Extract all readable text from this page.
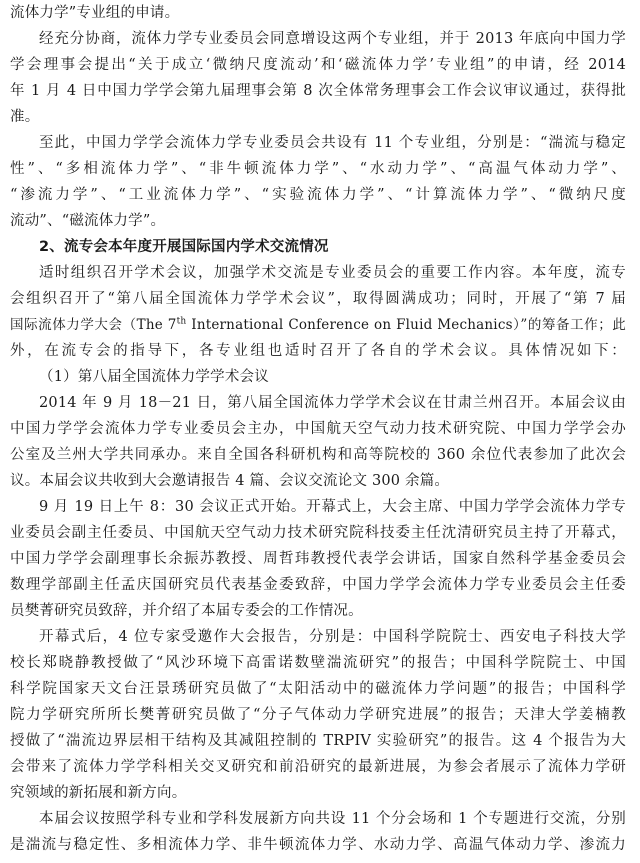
流体力学”专业组的申请。
经充分协商，流体力学专业委员会同意增设这两个专业组，并于 2013 年底向中国力学
学会理事会提出“关于成立‘微纳尺度流动’和‘磁流体力学’专业组”的申请，经 2014
年 1 月 4 日中国力学学会第九届理事会第 8 次全体常务理事会工作会议审议通过，获得批
准。
至此，中国力学学会流体力学专业委员会共设有 11 个专业组，分别是：“湍流与稳定
性”、“多相流体力学”、“非牛顿流体力学”、“水动力学”、“高温气体动力学”、
“渗流力学”、“工业流体力学”、“实验流体力学”、“计算流体力学”、“微纳尺度
流动”、“磁流体力学”。
2、流专会本年度开展国际国内学术交流情况
适时组织召开学术会议，加强学术交流是专业委员会的重要工作内容。本年度，流专
会组织召开了“第八届全国流体力学学术会议”，取得圆满成功；同时，开展了“第 7 届
国际流体力学大会（The 7th International Conference on Fluid Mechanics）”的筹备工作；此
外，在流专会的指导下，各专业组也适时召开了各自的学术会议。具体情况如下：
（1）第八届全国流体力学学术会议
2014 年 9 月 18－21 日，第八届全国流体力学学术会议在甘肃兰州召开。本届会议由
中国力学学会流体力学专业委员会主办，中国航天空气动力技术研究院、中国力学学会办
公室及兰州大学共同承办。来自全国各科研机构和高等院校的 360 余位代表参加了此次会
议。本届会议共收到大会邀请报告 4 篇、会议交流论文 300 余篇。
9 月 19 日上午 8：30 会议正式开始。开幕式上，大会主席、中国力学学会流体力学专
业委员会副主任委员、中国航天空气动力技术研究院科技委主任沈清研究员主持了开幕式，
中国力学学会副理事长余振苏教授、周哲玮教授代表学会讲话，国家自然科学基金委员会
数理学部副主任孟庆国研究员代表基金委致辞，中国力学学会流体力学专业委员会主任委
员樊菁研究员致辞，并介绍了本届专委会的工作情况。
开幕式后，4 位专家受邀作大会报告，分别是：中国科学院院士、西安电子科技大学
校长郑晓静教授做了“风沙环境下高雷诺数壁湍流研究”的报告；中国科学院院士、中国
科学院国家天文台汪景琇研究员做了“太阳活动中的磁流体力学问题”的报告；中国科学
院力学研究所所长樊菁研究员做了“分子气体动力学研究进展”的报告；天津大学姜楠教
授做了“湍流边界层相干结构及其减阻控制的 TRPIV 实验研究”的报告。这 4 个报告为大
会带来了流体力学学科相关交叉研究和前沿研究的最新进展，为参会者展示了流体力学研
究领域的新拓展和新方向。
本届会议按照学科专业和学科发展新方向共设 11 个分会场和 1 个专题进行交流，分别
是湍流与稳定性、多相流体力学、非牛顿流体力学、水动力学、高温气体动力学、渗流力
